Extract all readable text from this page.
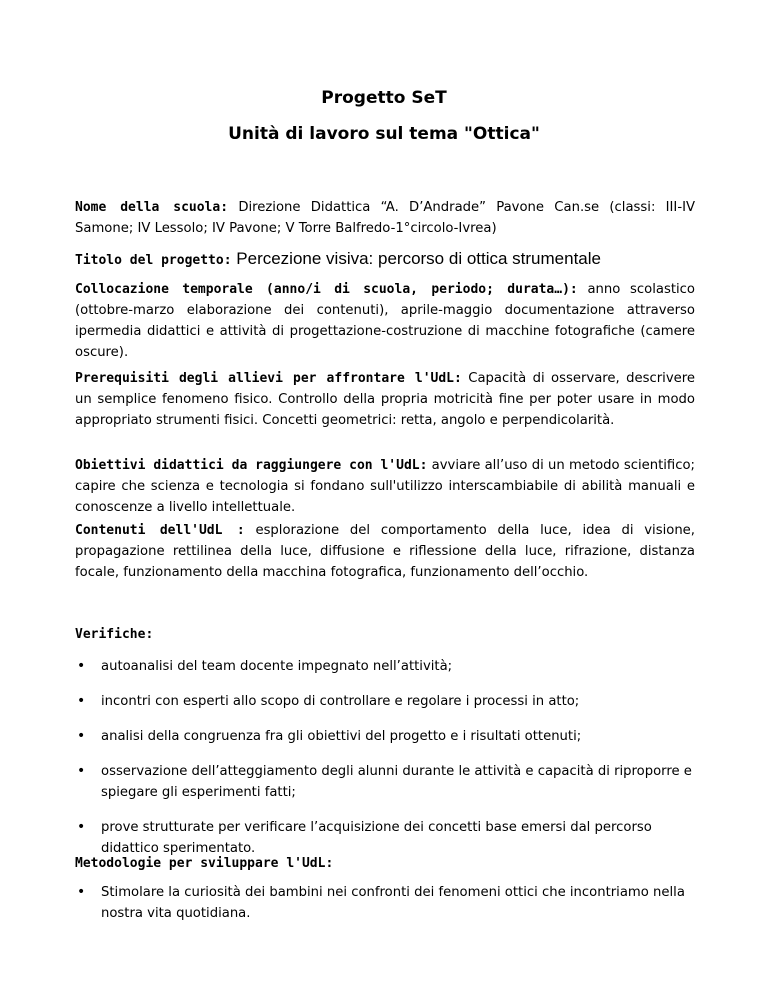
Progetto SeT
Unità di lavoro sul tema "Ottica"
Nome della scuola: Direzione Didattica “A. D’Andrade” Pavone Can.se (classi: III-IV Samone; IV Lessolo; IV Pavone; V Torre Balfredo-1°circolo-Ivrea)
Titolo del progetto: Percezione visiva: percorso di ottica strumentale
Collocazione temporale (anno/i di scuola, periodo; durata…): anno scolastico (ottobre-marzo elaborazione dei contenuti), aprile-maggio documentazione attraverso ipermedia didattici e attività di progettazione-costruzione di macchine fotografiche (camere oscure).
Prerequisiti degli allievi per affrontare l'UdL: Capacità di osservare, descrivere un semplice fenomeno fisico. Controllo della propria motricità fine per poter usare in modo appropriato strumenti fisici. Concetti geometrici: retta, angolo e perpendicolarità.
Obiettivi didattici da raggiungere con l'UdL: avviare all’uso di un metodo scientifico; capire che scienza e tecnologia si fondano sull'utilizzo interscambiabile di abilità manuali e conoscenze a livello intellettuale.
Contenuti dell'UdL : esplorazione del comportamento della luce, idea di visione, propagazione rettilinea della luce, diffusione e riflessione della luce, rifrazione, distanza focale, funzionamento della macchina fotografica, funzionamento dell’occhio.
Verifiche:
• autoanalisi del team docente impegnato nell’attività;
• incontri con esperti allo scopo di controllare e regolare i processi in atto;
• analisi della congruenza fra gli obiettivi del progetto e i risultati ottenuti;
• osservazione dell’atteggiamento degli alunni durante le attività e capacità di riproporre e spiegare gli esperimenti fatti;
• prove strutturate per verificare l’acquisizione dei concetti base emersi dal percorso didattico sperimentato.
Metodologie per sviluppare l'UdL:
• Stimolare la curiosità dei bambini nei confronti dei fenomeni ottici che incontriamo nella nostra vita quotidiana.
